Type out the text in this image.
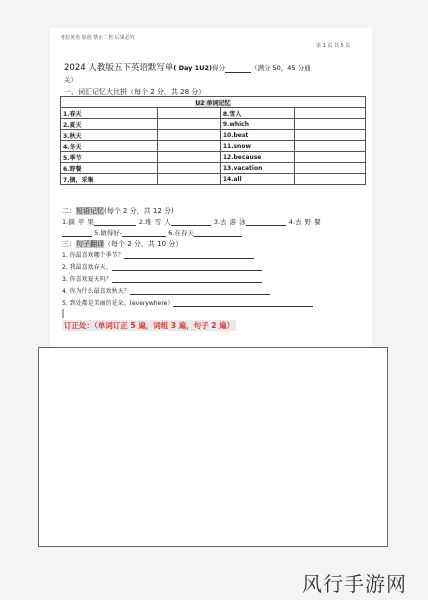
考拉英语 原创 禁止二售 后果必究
第 1 页 共 5 页
2024 人教版五下英语默写单( Day 1U2)得分	（满分 50，45 分通
关）
一、词汇记忆大比拼（每个 2 分，共 28 分）
U2 单词记忆			
1.春天		8.雪人	
2.夏天		9.which	
3.秋天		10.best	
4.冬天		11.snow	
5.季节		12.because	
6.野餐		13.vacation	
7.摘，采集		14.all	
二：短语记忆(每个 2 分，共 12 分)
1.摘 苹 果	2.堆 雪 人	3.去 游 泳	4.去 野 餐
5.做得好-	6.在春天
三：句子翻译（每个 2 分，共 10 分）
1. 你最喜欢哪个季节？
2. 我最喜欢春天。
3. 你喜欢夏天吗？
4. 你为什么最喜欢秋天？
5. 到处都是美丽的花朵。(everywhere）
订正处：（单词订正 5 遍，词组 3 遍，句子 2 遍）
风行手游网
